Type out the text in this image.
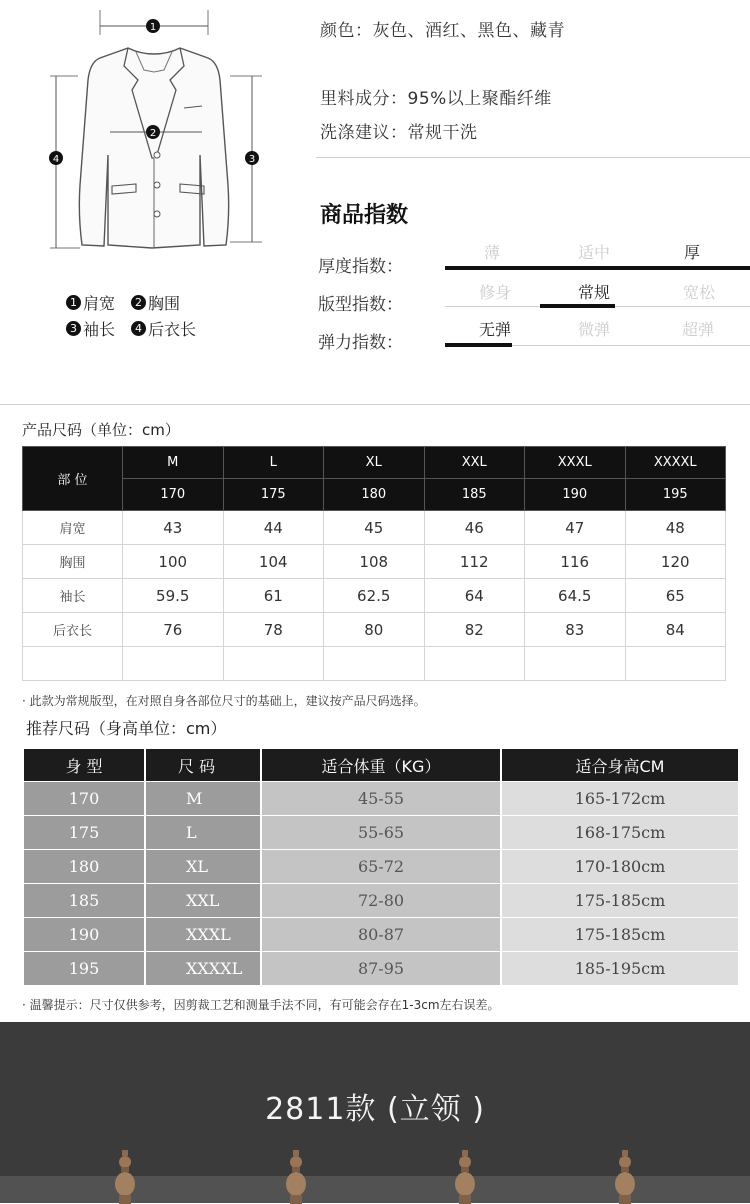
1
2
4	3
1 肩宽	2 胸围
3 袖长	4 后衣长
颜色：灰色、酒红、黑色、藏青
里料成分：95%以上聚酯纤维
洗涤建议：常规干洗
商品指数
厚度指数：
薄	适中	厚
版型指数：
修身	常规	宽松
弹力指数：
无弹	微弹	超弹
产品尺码（单位：cm）
部 位	M	L	XL	XXL	XXXL	XXXXL
	170	175	180	185	190	195
肩宽	43	44	45	46	47	48
胸围	100	104	108	112	116	120
袖长	59.5	61	62.5	64	64.5	65
后衣长	76	78	80	82	83	84

· 此款为常规版型，在对照自身各部位尺寸的基础上，建议按产品尺码选择。
推荐尺码（身高单位：cm）
身 型	尺 码	适合体重（KG）	适合身高CM
170	M	45-55	165-172cm
175	L	55-65	168-175cm
180	XL	65-72	170-180cm
185	XXL	72-80	175-185cm
190	XXXL	80-87	175-185cm
195	XXXXL	87-95	185-195cm
· 温馨提示：尺寸仅供参考，因剪裁工艺和测量手法不同，有可能会存在1-3cm左右误差。
2811款 (立领 )
